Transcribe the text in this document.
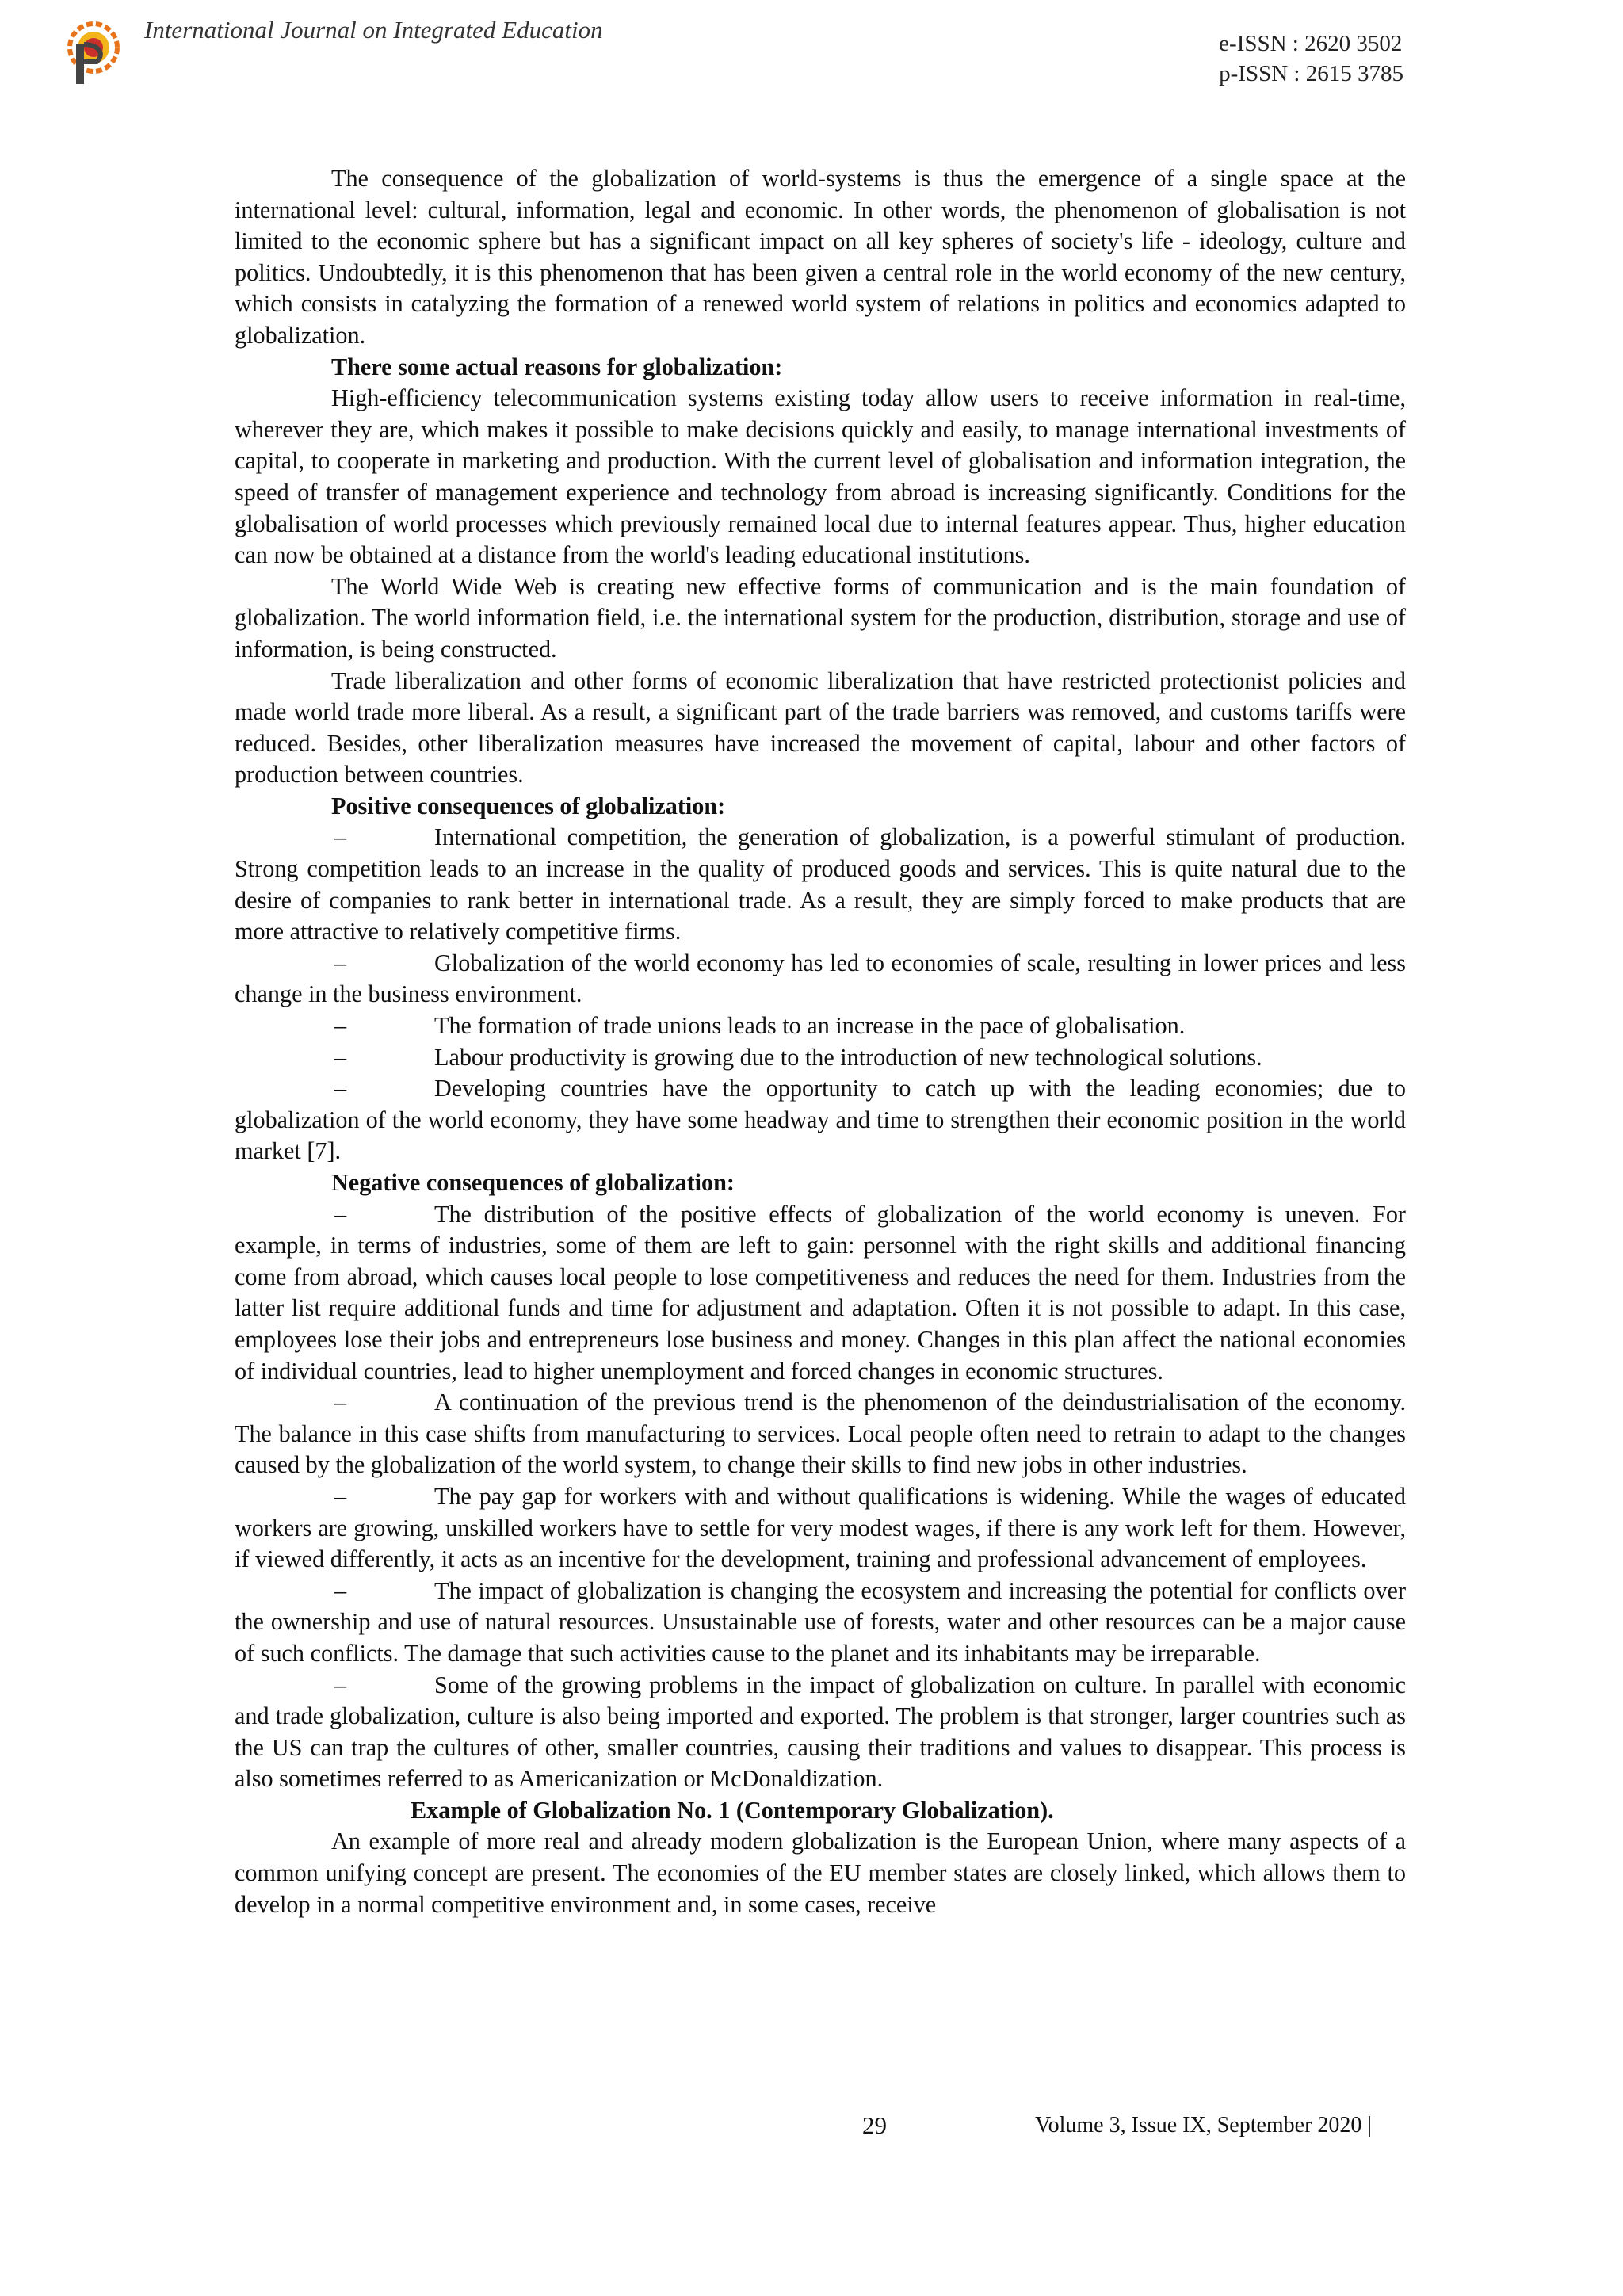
International Journal on Integrated Education	e-ISSN : 2620 3502
p-ISSN : 2615 3785

The consequence of the globalization of world-systems is thus the emergence of a single space at the international level: cultural, information, legal and economic. In other words, the phenomenon of globalisation is not limited to the economic sphere but has a significant impact on all key spheres of society's life - ideology, culture and politics. Undoubtedly, it is this phenomenon that has been given a central role in the world economy of the new century, which consists in catalyzing the formation of a renewed world system of relations in politics and economics adapted to globalization.

There some actual reasons for globalization:

High-efficiency telecommunication systems existing today allow users to receive information in real-time, wherever they are, which makes it possible to make decisions quickly and easily, to manage international investments of capital, to cooperate in marketing and production. With the current level of globalisation and information integration, the speed of transfer of management experience and technology from abroad is increasing significantly. Conditions for the globalisation of world processes which previously remained local due to internal features appear. Thus, higher education can now be obtained at a distance from the world's leading educational institutions.

The World Wide Web is creating new effective forms of communication and is the main foundation of globalization. The world information field, i.e. the international system for the production, distribution, storage and use of information, is being constructed.

Trade liberalization and other forms of economic liberalization that have restricted protectionist policies and made world trade more liberal. As a result, a significant part of the trade barriers was removed, and customs tariffs were reduced. Besides, other liberalization measures have increased the movement of capital, labour and other factors of production between countries.

Positive consequences of globalization:

–	International competition, the generation of globalization, is a powerful stimulant of production. Strong competition leads to an increase in the quality of produced goods and services. This is quite natural due to the desire of companies to rank better in international trade. As a result, they are simply forced to make products that are more attractive to relatively competitive firms.

–	Globalization of the world economy has led to economies of scale, resulting in lower prices and less change in the business environment.

–	The formation of trade unions leads to an increase in the pace of globalisation.

–	Labour productivity is growing due to the introduction of new technological solutions.

–	Developing countries have the opportunity to catch up with the leading economies; due to globalization of the world economy, they have some headway and time to strengthen their economic position in the world market [7].

Negative consequences of globalization:

–	The distribution of the positive effects of globalization of the world economy is uneven. For example, in terms of industries, some of them are left to gain: personnel with the right skills and additional financing come from abroad, which causes local people to lose competitiveness and reduces the need for them. Industries from the latter list require additional funds and time for adjustment and adaptation. Often it is not possible to adapt. In this case, employees lose their jobs and entrepreneurs lose business and money. Changes in this plan affect the national economies of individual countries, lead to higher unemployment and forced changes in economic structures.

–	A continuation of the previous trend is the phenomenon of the deindustrialisation of the economy. The balance in this case shifts from manufacturing to services. Local people often need to retrain to adapt to the changes caused by the globalization of the world system, to change their skills to find new jobs in other industries.

–	The pay gap for workers with and without qualifications is widening. While the wages of educated workers are growing, unskilled workers have to settle for very modest wages, if there is any work left for them. However, if viewed differently, it acts as an incentive for the development, training and professional advancement of employees.

–	The impact of globalization is changing the ecosystem and increasing the potential for conflicts over the ownership and use of natural resources. Unsustainable use of forests, water and other resources can be a major cause of such conflicts. The damage that such activities cause to the planet and its inhabitants may be irreparable.

–	Some of the growing problems in the impact of globalization on culture. In parallel with economic and trade globalization, culture is also being imported and exported. The problem is that stronger, larger countries such as the US can trap the cultures of other, smaller countries, causing their traditions and values to disappear. This process is also sometimes referred to as Americanization or McDonaldization.

Example of Globalization No. 1 (Contemporary Globalization).

An example of more real and already modern globalization is the European Union, where many aspects of a common unifying concept are present. The economies of the EU member states are closely linked, which allows them to develop in a normal competitive environment and, in some cases, receive

29	Volume 3, Issue IX, September 2020 |
